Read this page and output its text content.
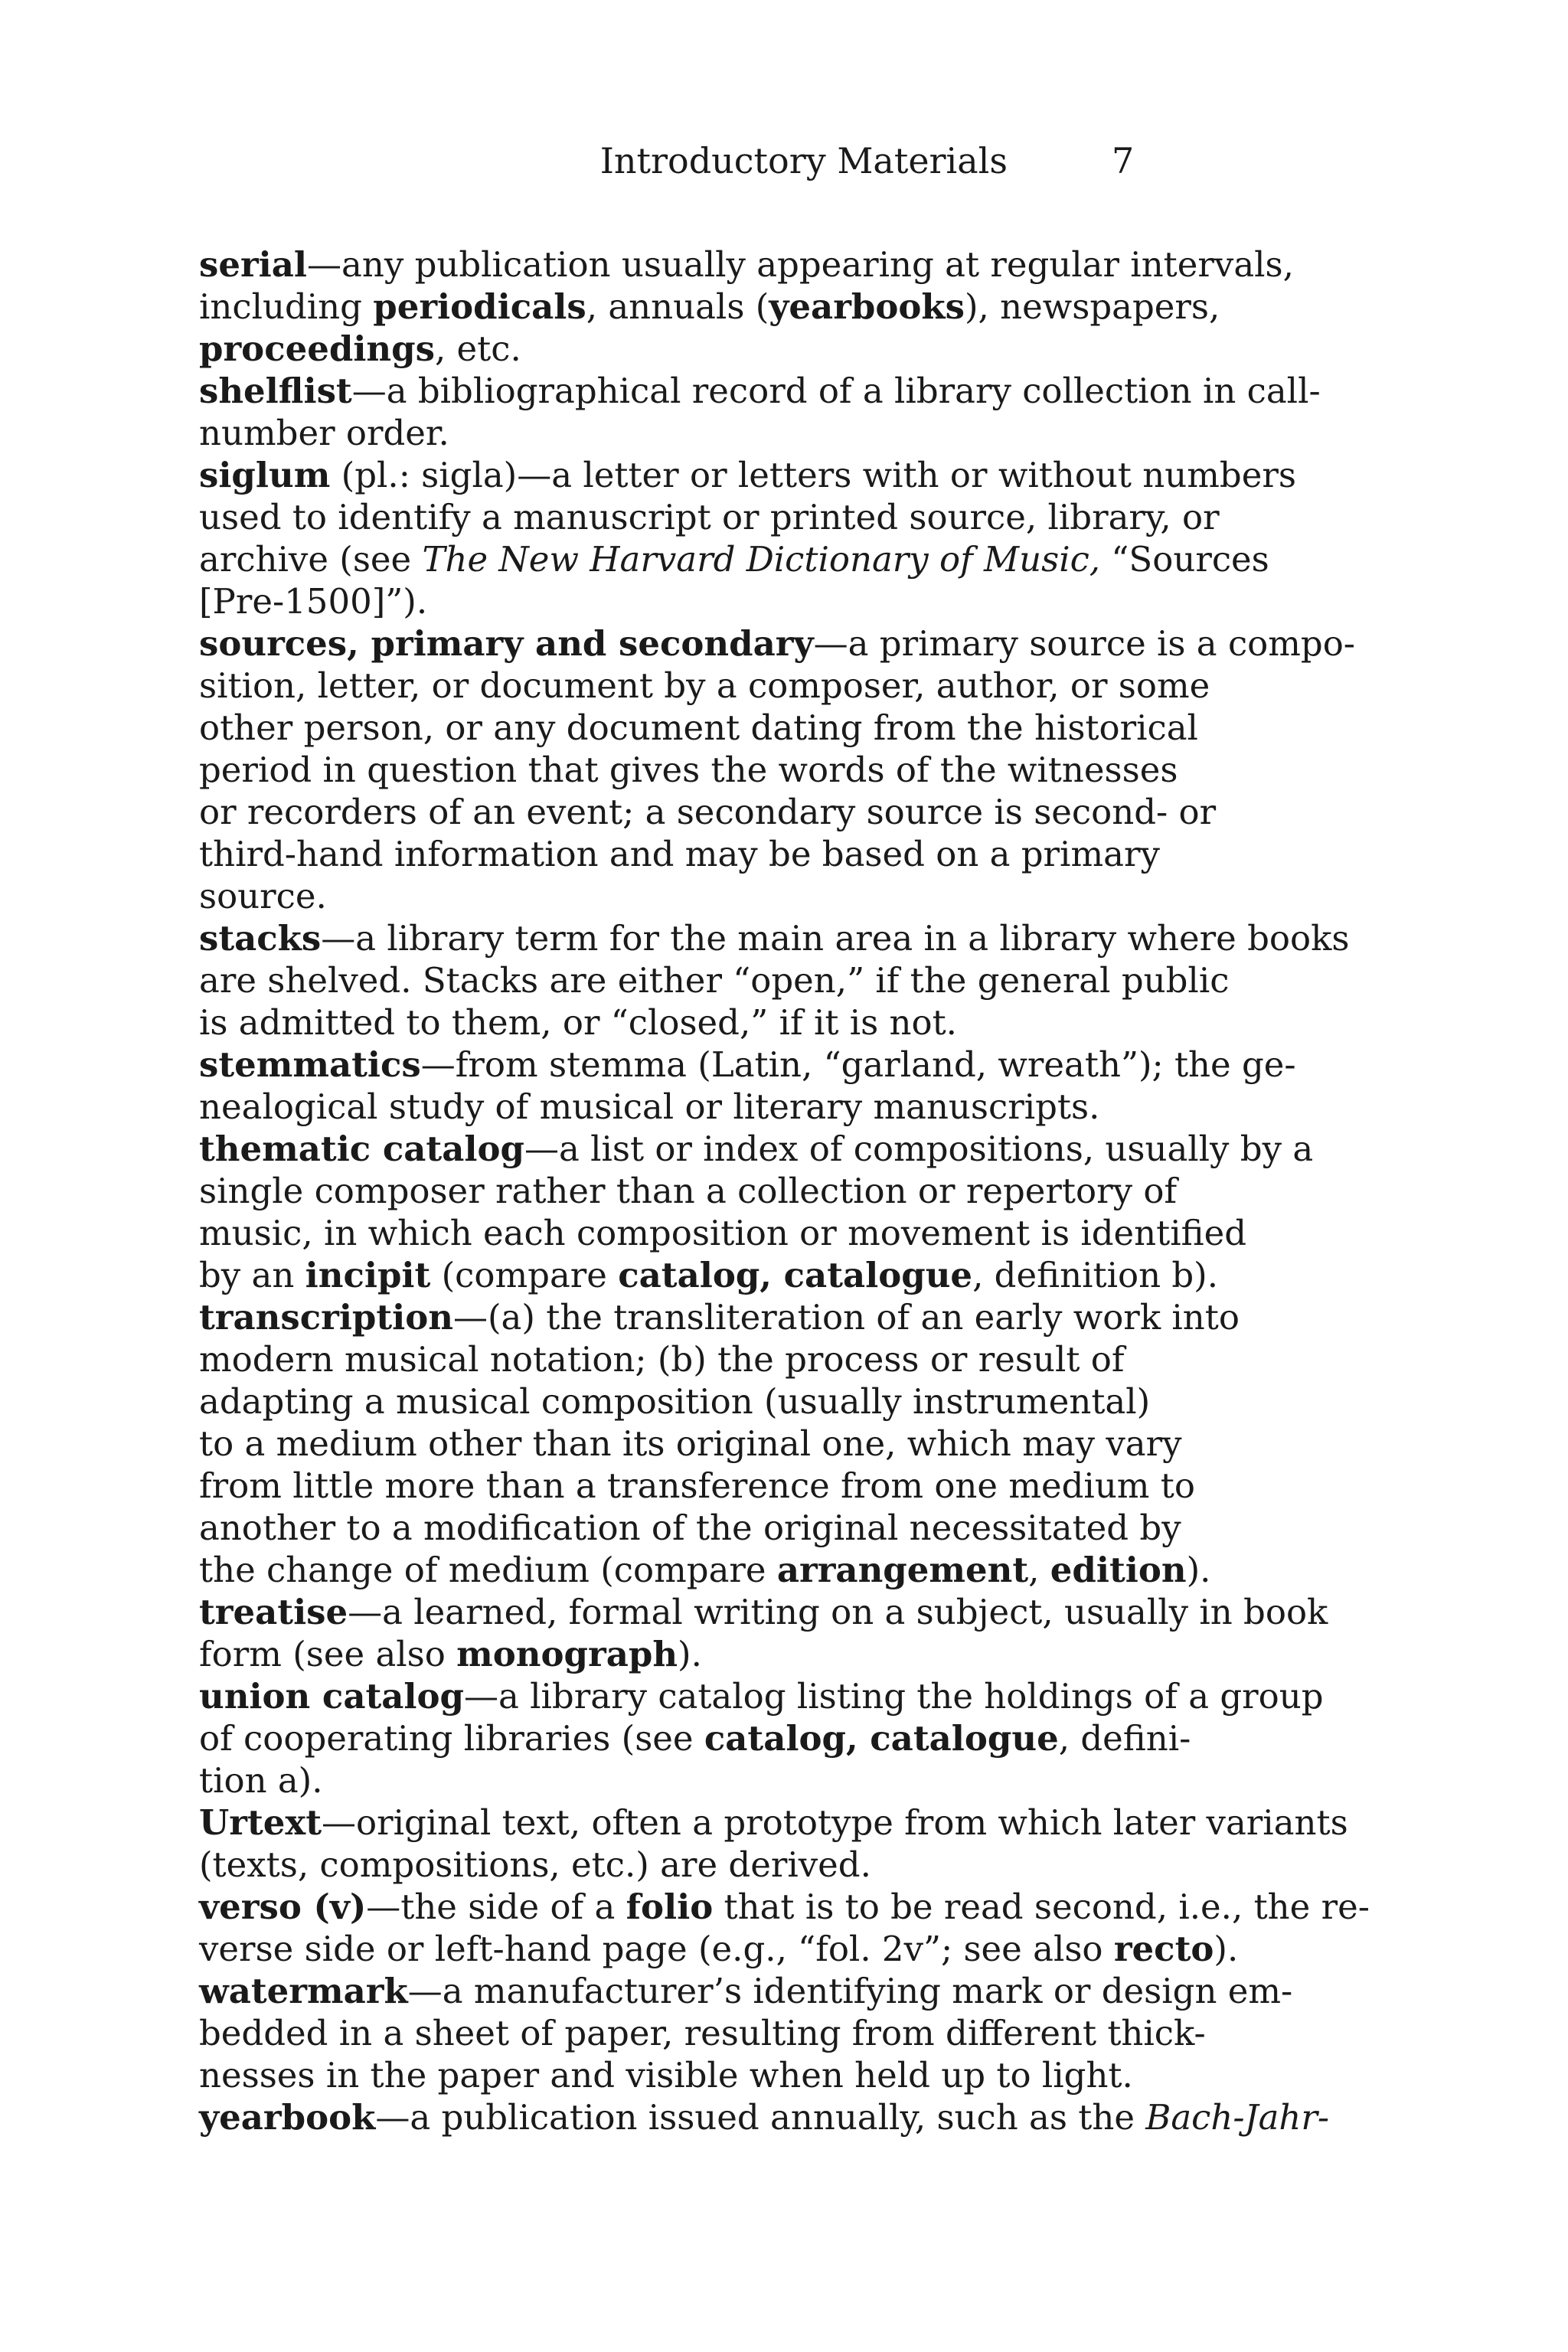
Introductory Materials	7
serial—any publication usually appearing at regular intervals,
including periodicals, annuals (yearbooks), newspapers,
proceedings, etc.
shelflist—a bibliographical record of a library collection in call-
number order.
siglum (pl.: sigla)—a letter or letters with or without numbers
used to identify a manuscript or printed source, library, or
archive (see The New Harvard Dictionary of Music, “Sources
[Pre-1500]”).
sources, primary and secondary—a primary source is a compo-
sition, letter, or document by a composer, author, or some
other person, or any document dating from the historical
period in question that gives the words of the witnesses
or recorders of an event; a secondary source is second- or
third-hand information and may be based on a primary
source.
stacks—a library term for the main area in a library where books
are shelved. Stacks are either “open,” if the general public
is admitted to them, or “closed,” if it is not.
stemmatics—from stemma (Latin, “garland, wreath”); the ge-
nealogical study of musical or literary manuscripts.
thematic catalog—a list or index of compositions, usually by a
single composer rather than a collection or repertory of
music, in which each composition or movement is identified
by an incipit (compare catalog, catalogue, definition b).
transcription—(a) the transliteration of an early work into
modern musical notation; (b) the process or result of
adapting a musical composition (usually instrumental)
to a medium other than its original one, which may vary
from little more than a transference from one medium to
another to a modification of the original necessitated by
the change of medium (compare arrangement, edition).
treatise—a learned, formal writing on a subject, usually in book
form (see also monograph).
union catalog—a library catalog listing the holdings of a group
of cooperating libraries (see catalog, catalogue, defini-
tion a).
Urtext—original text, often a prototype from which later variants
(texts, compositions, etc.) are derived.
verso (v)—the side of a folio that is to be read second, i.e., the re-
verse side or left-hand page (e.g., “fol. 2v”; see also recto).
watermark—a manufacturer’s identifying mark or design em-
bedded in a sheet of paper, resulting from different thick-
nesses in the paper and visible when held up to light.
yearbook—a publication issued annually, such as the Bach-Jahr-
